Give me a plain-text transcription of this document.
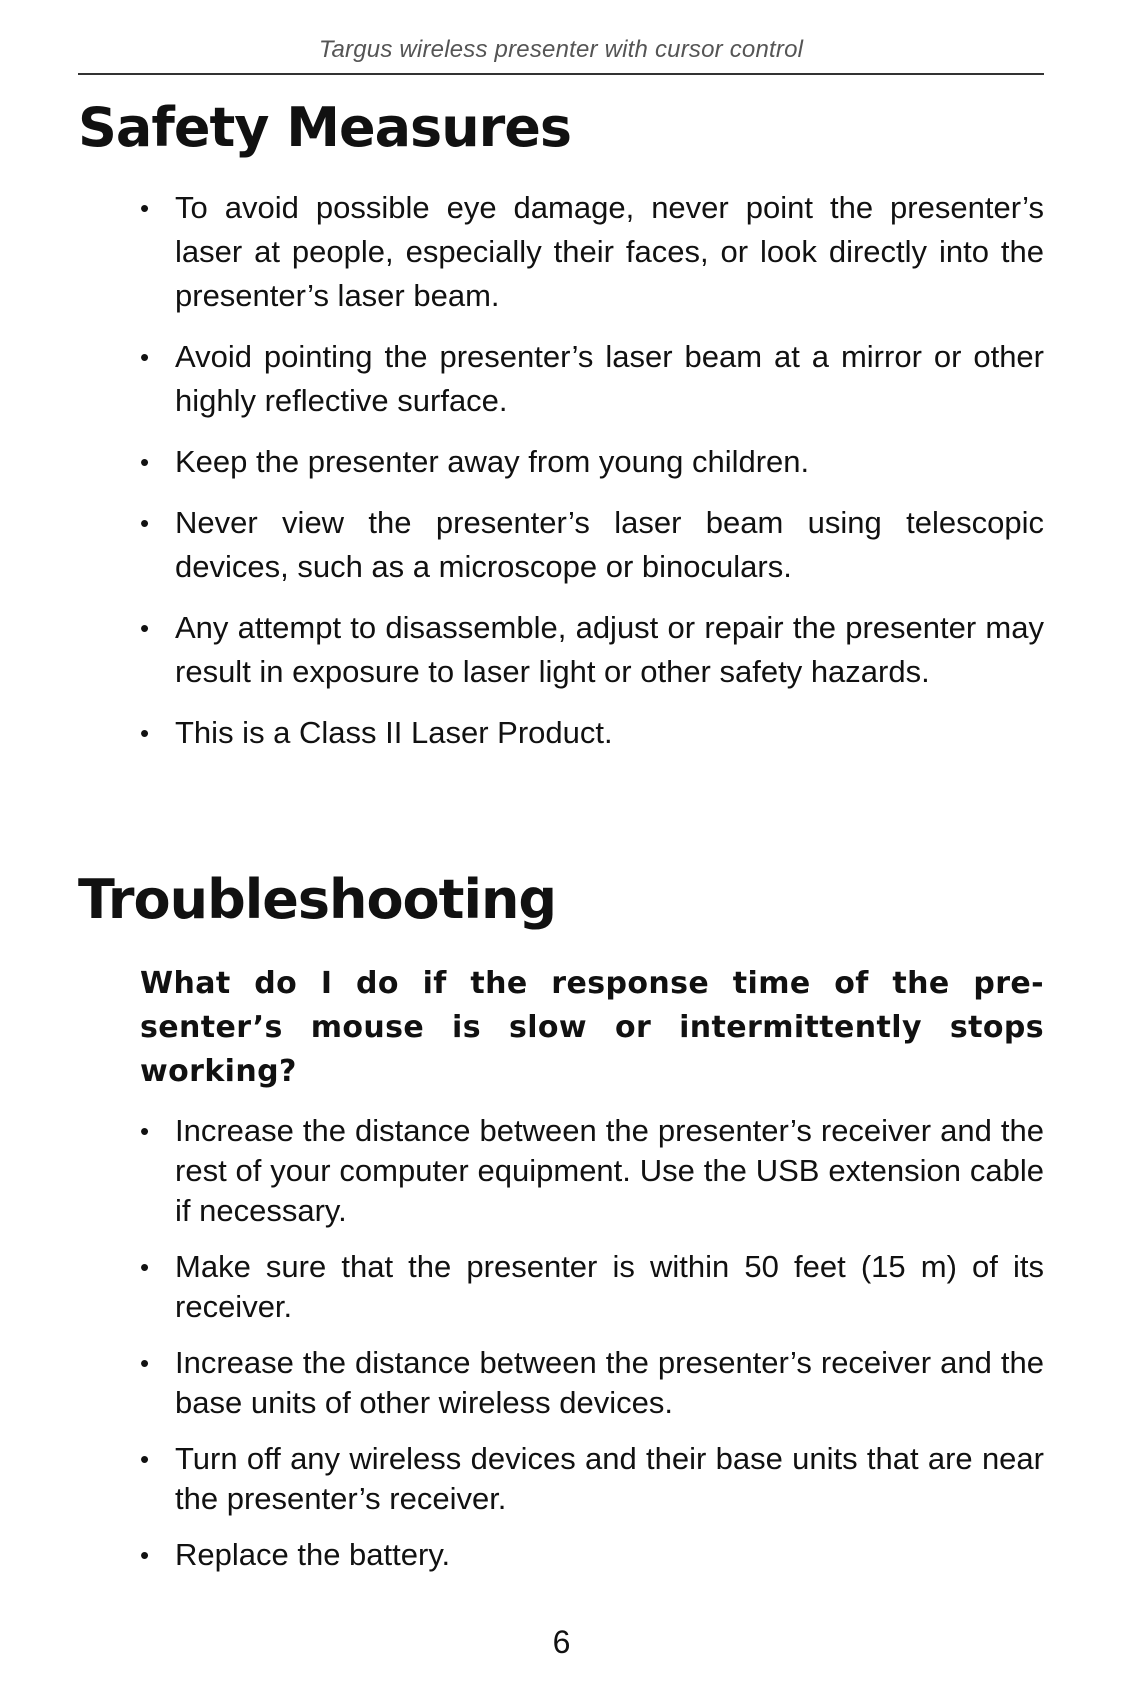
Targus wireless presenter with cursor control
Safety Measures
• To avoid possible eye damage, never point the presenter’s laser at people, especially their faces, or look directly into the presenter’s laser beam.
• Avoid pointing the presenter’s laser beam at a mirror or other highly reflective surface.
• Keep the presenter away from young children.
• Never view the presenter’s laser beam using telescopic devices, such as a microscope or binoculars.
• Any attempt to disassemble, adjust or repair the presenter may result in exposure to laser light or other safety hazards.
• This is a Class II Laser Product.
Troubleshooting

What do I do if the response time of the pre-senter’s mouse is slow or intermittently stops working?

• Increase the distance between the presenter’s receiver and the rest of your computer equipment. Use the USB extension cable if necessary.
• Make sure that the presenter is within 50 feet (15 m) of its receiver.
• Increase the distance between the presenter’s receiver and the base units of other wireless devices.
• Turn off any wireless devices and their base units that are near the presenter’s receiver.
• Replace the battery.
6
